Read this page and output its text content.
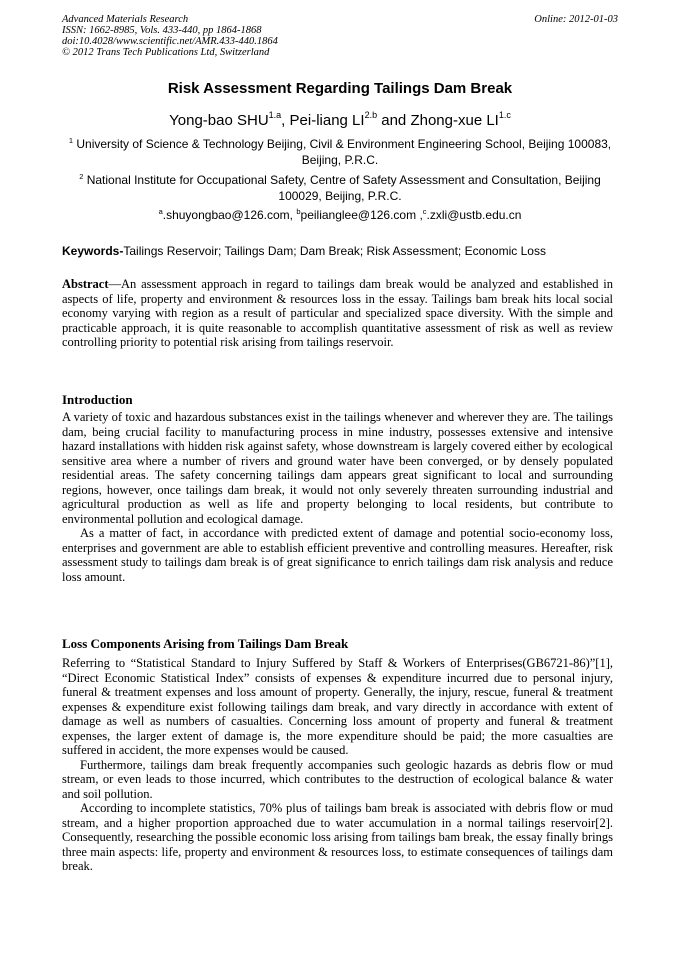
Advanced Materials Research
ISSN: 1662-8985, Vols. 433-440, pp 1864-1868
doi:10.4028/www.scientific.net/AMR.433-440.1864
© 2012 Trans Tech Publications Ltd, Switzerland
Online: 2012-01-03
Risk Assessment Regarding Tailings Dam Break
Yong-bao $SHU^{1.a}$, Pei-liang $LI^{2.b}$ and Zhong-xue $LI^{1.c}$
$^1$ University of Science & Technology Beijing, Civil & Environment Engineering School, Beijing 100083, Beijing, P.R.C.
$^2$ National Institute for Occupational Safety, Centre of Safety Assessment and Consultation, Beijing 100029, Beijing, P.R.C.
$^a$.shuyongbao@126.com, $^b$peilianglee@126.com ,$^c$.zxli@ustb.edu.cn
Keywords-Tailings Reservoir; Tailings Dam; Dam Break; Risk Assessment; Economic Loss

Abstract—An assessment approach in regard to tailings dam break would be analyzed and established in aspects of life, property and environment & resources loss in the essay. Tailings bam break hits local social economy varying with region as a result of particular and specialized space diversity. With the simple and practicable approach, it is quite reasonable to accomplish quantitative assessment of risk as well as review controlling priority to potential risk arising from tailings reservoir.

Introduction

A variety of toxic and hazardous substances exist in the tailings whenever and wherever they are. The tailings dam, being crucial facility to manufacturing process in mine industry, possesses extensive and intensive hazard installations with hidden risk against safety, whose downstream is largely covered either by ecological sensitive area where a number of rivers and ground water have been converged, or by densely populated residential areas. The safety concerning tailings dam appears great significant to local and surrounding regions, however, once tailings dam break, it would not only severely threaten surrounding industrial and agricultural production as well as life and property belonging to local residents, but contribute to environmental pollution and ecological damage.

As a matter of fact, in accordance with predicted extent of damage and potential socio-economy loss, enterprises and government are able to establish efficient preventive and controlling measures. Hereafter, risk assessment study to tailings dam break is of great significance to enrich tailings dam risk analysis and reduce loss amount.

Loss Components Arising from Tailings Dam Break

Referring to “Statistical Standard to Injury Suffered by Staff & Workers of Enterprises(GB6721-86)”[1], “Direct Economic Statistical Index” consists of expenses & expenditure incurred due to personal injury, funeral & treatment expenses and loss amount of property. Generally, the injury, rescue, funeral & treatment expenses & expenditure exist following tailings dam break, and vary directly in accordance with extent of damage as well as numbers of casualties. Concerning loss amount of property and funeral & treatment expenses, the larger extent of damage is, the more expenditure should be paid; the more casualties are suffered in accident, the more expenses would be caused.

Furthermore, tailings dam break frequently accompanies such geologic hazards as debris flow or mud stream, or even leads to those incurred, which contributes to the destruction of ecological balance & water and soil pollution.

According to incomplete statistics, 70% plus of tailings bam break is associated with debris flow or mud stream, and a higher proportion approached due to water accumulation in a normal tailings reservoir[2]. Consequently, researching the possible economic loss arising from tailings bam break, the essay finally brings three main aspects: life, property and environment & resources loss, to estimate consequences of tailings dam break.
